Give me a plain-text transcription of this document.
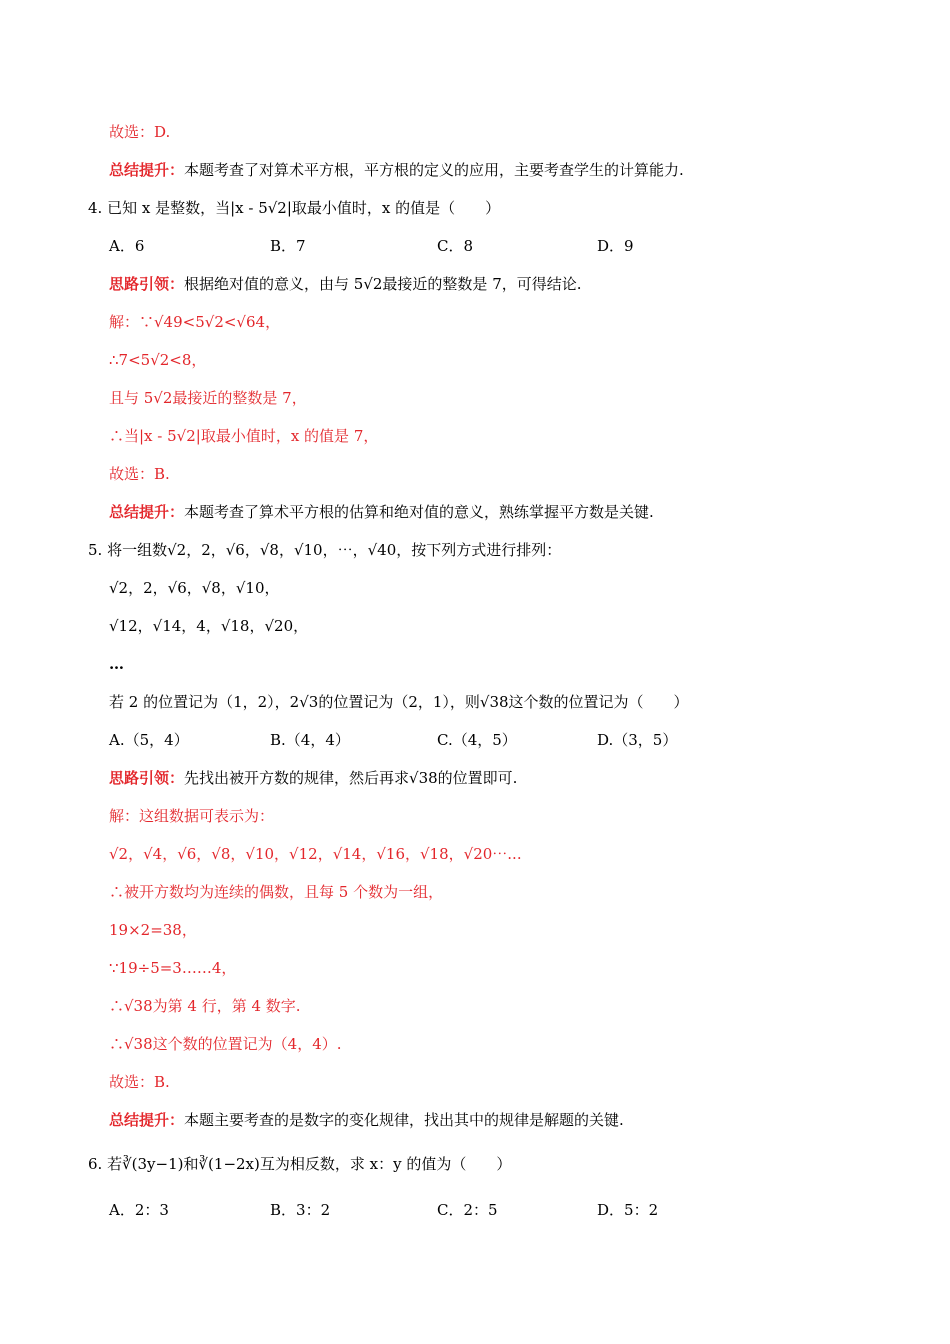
故选：D.
总结提升：本题考查了对算术平方根，平方根的定义的应用，主要考查学生的计算能力.
4. 已知 x 是整数，当|x - 5√2|取最小值时，x 的值是（　　）
A．6	B．7	C．8	D．9
思路引领：根据绝对值的意义，由与 5√2最接近的整数是 7，可得结论.
解：∵√49<5√2<√64，
∴7<5√2<8，
且与 5√2最接近的整数是 7，
∴当|x - 5√2|取最小值时，x 的值是 7，
故选：B.
总结提升：本题考查了算术平方根的估算和绝对值的意义，熟练掌握平方数是关键.
5. 将一组数√2，2，√6，√8，√10，⋯，√40，按下列方式进行排列：
√2，2，√6，√8，√10，
√12，√14，4，√18，√20，
…
若 2 的位置记为（1，2），2√3的位置记为（2，1），则√38这个数的位置记为（　　）
A.（5，4）	B.（4，4）	C.（4，5）	D.（3，5）
思路引领：先找出被开方数的规律，然后再求√38的位置即可.
解：这组数据可表示为：
√2，√4，√6，√8，√10，√12，√14，√16，√18，√20⋯...
∴被开方数均为连续的偶数，且每 5 个数为一组，
19×2=38，
∵19÷5=3……4，
∴√38为第 4 行，第 4 数字.
∴√38这个数的位置记为（4，4）.
故选：B.
总结提升：本题主要考查的是数字的变化规律，找出其中的规律是解题的关键.
6. 若∛(3y−1)和∛(1−2x)互为相反数，求 x：y 的值为（　　）
A．2：3	B．3：2	C．2：5	D．5：2
